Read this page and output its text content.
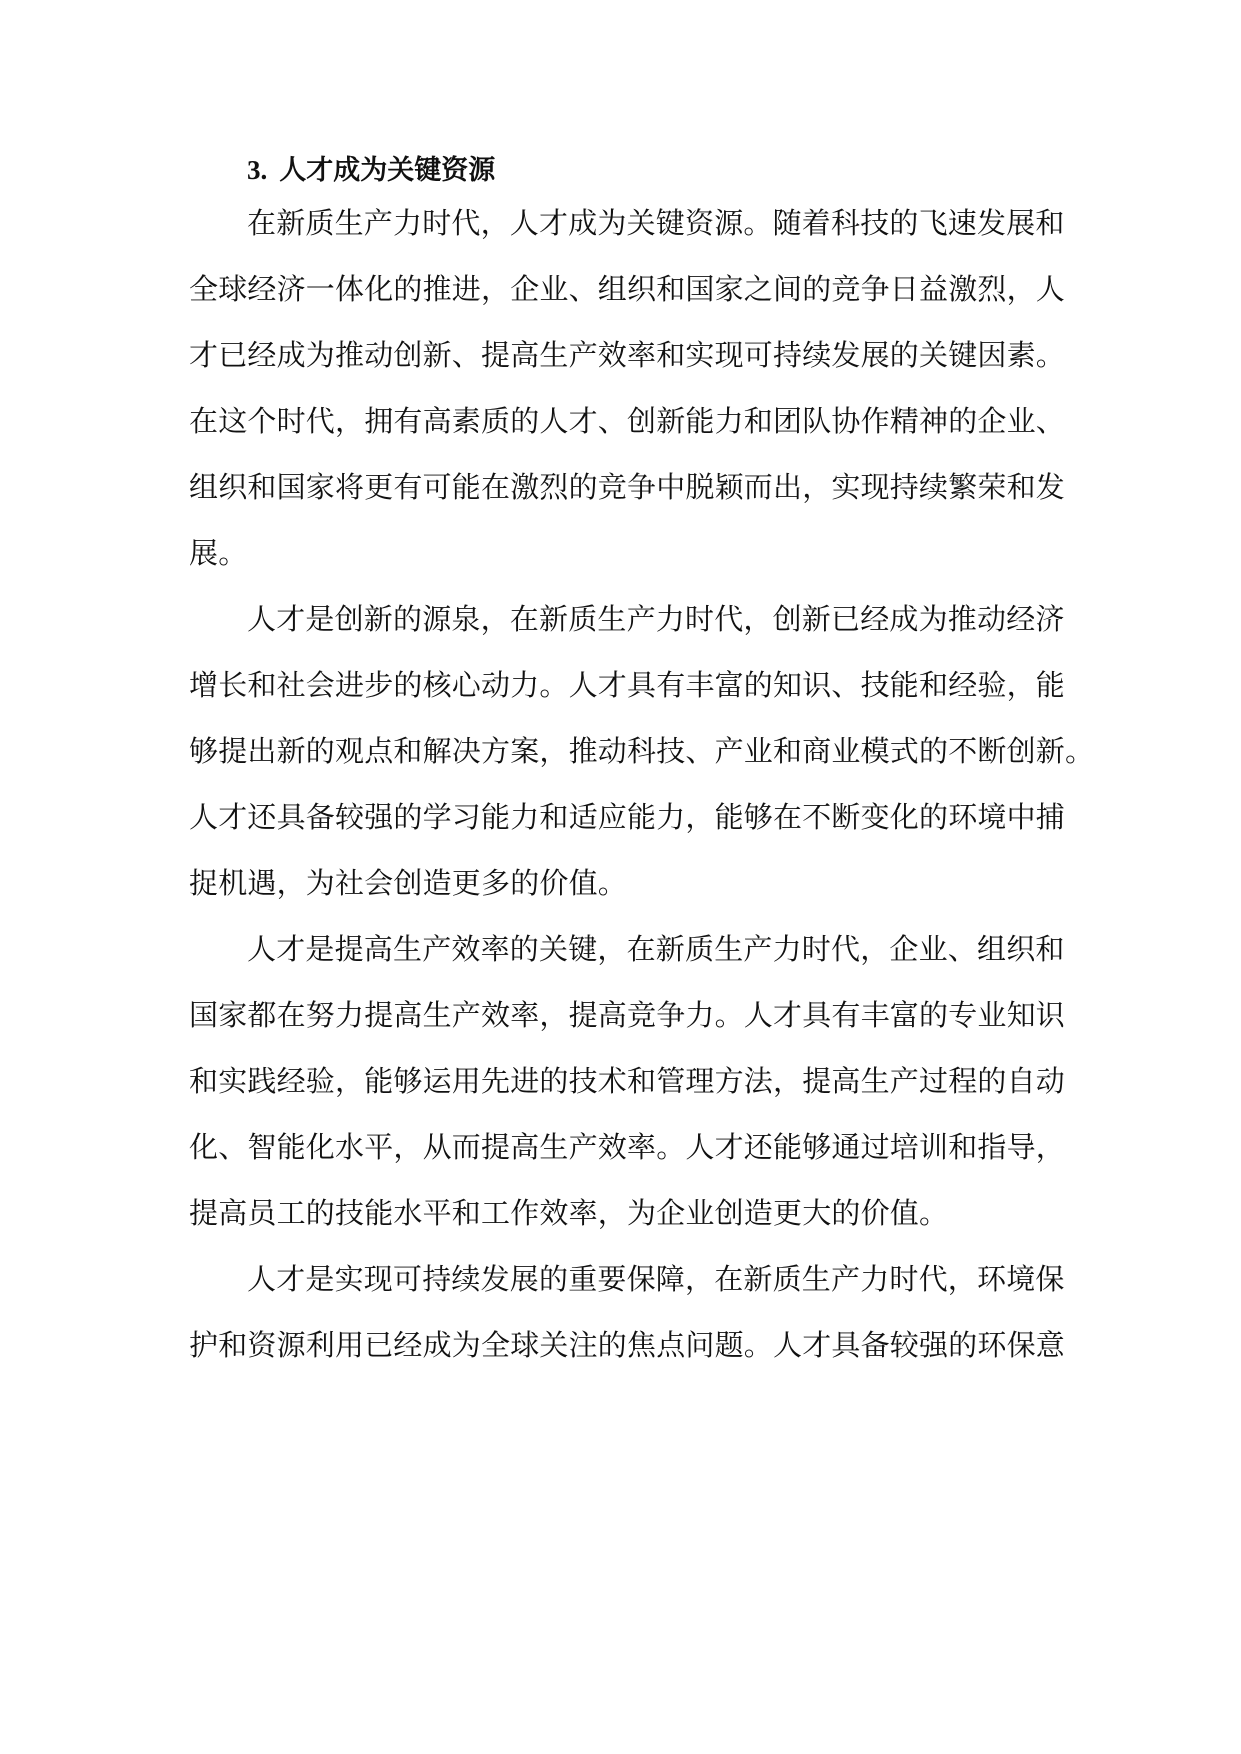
3. 人才成为关键资源

在新质生产力时代，人才成为关键资源。随着科技的飞速发展和

全球经济一体化的推进，企业、组织和国家之间的竞争日益激烈，人

才已经成为推动创新、提高生产效率和实现可持续发展的关键因素。

在这个时代，拥有高素质的人才、创新能力和团队协作精神的企业、

组织和国家将更有可能在激烈的竞争中脱颖而出，实现持续繁荣和发

展。

人才是创新的源泉，在新质生产力时代，创新已经成为推动经济

增长和社会进步的核心动力。人才具有丰富的知识、技能和经验，能

够提出新的观点和解决方案，推动科技、产业和商业模式的不断创新。

人才还具备较强的学习能力和适应能力，能够在不断变化的环境中捕

捉机遇，为社会创造更多的价值。

人才是提高生产效率的关键，在新质生产力时代，企业、组织和

国家都在努力提高生产效率，提高竞争力。人才具有丰富的专业知识

和实践经验，能够运用先进的技术和管理方法，提高生产过程的自动

化、智能化水平，从而提高生产效率。人才还能够通过培训和指导，

提高员工的技能水平和工作效率，为企业创造更大的价值。

人才是实现可持续发展的重要保障，在新质生产力时代，环境保

护和资源利用已经成为全球关注的焦点问题。人才具备较强的环保意
